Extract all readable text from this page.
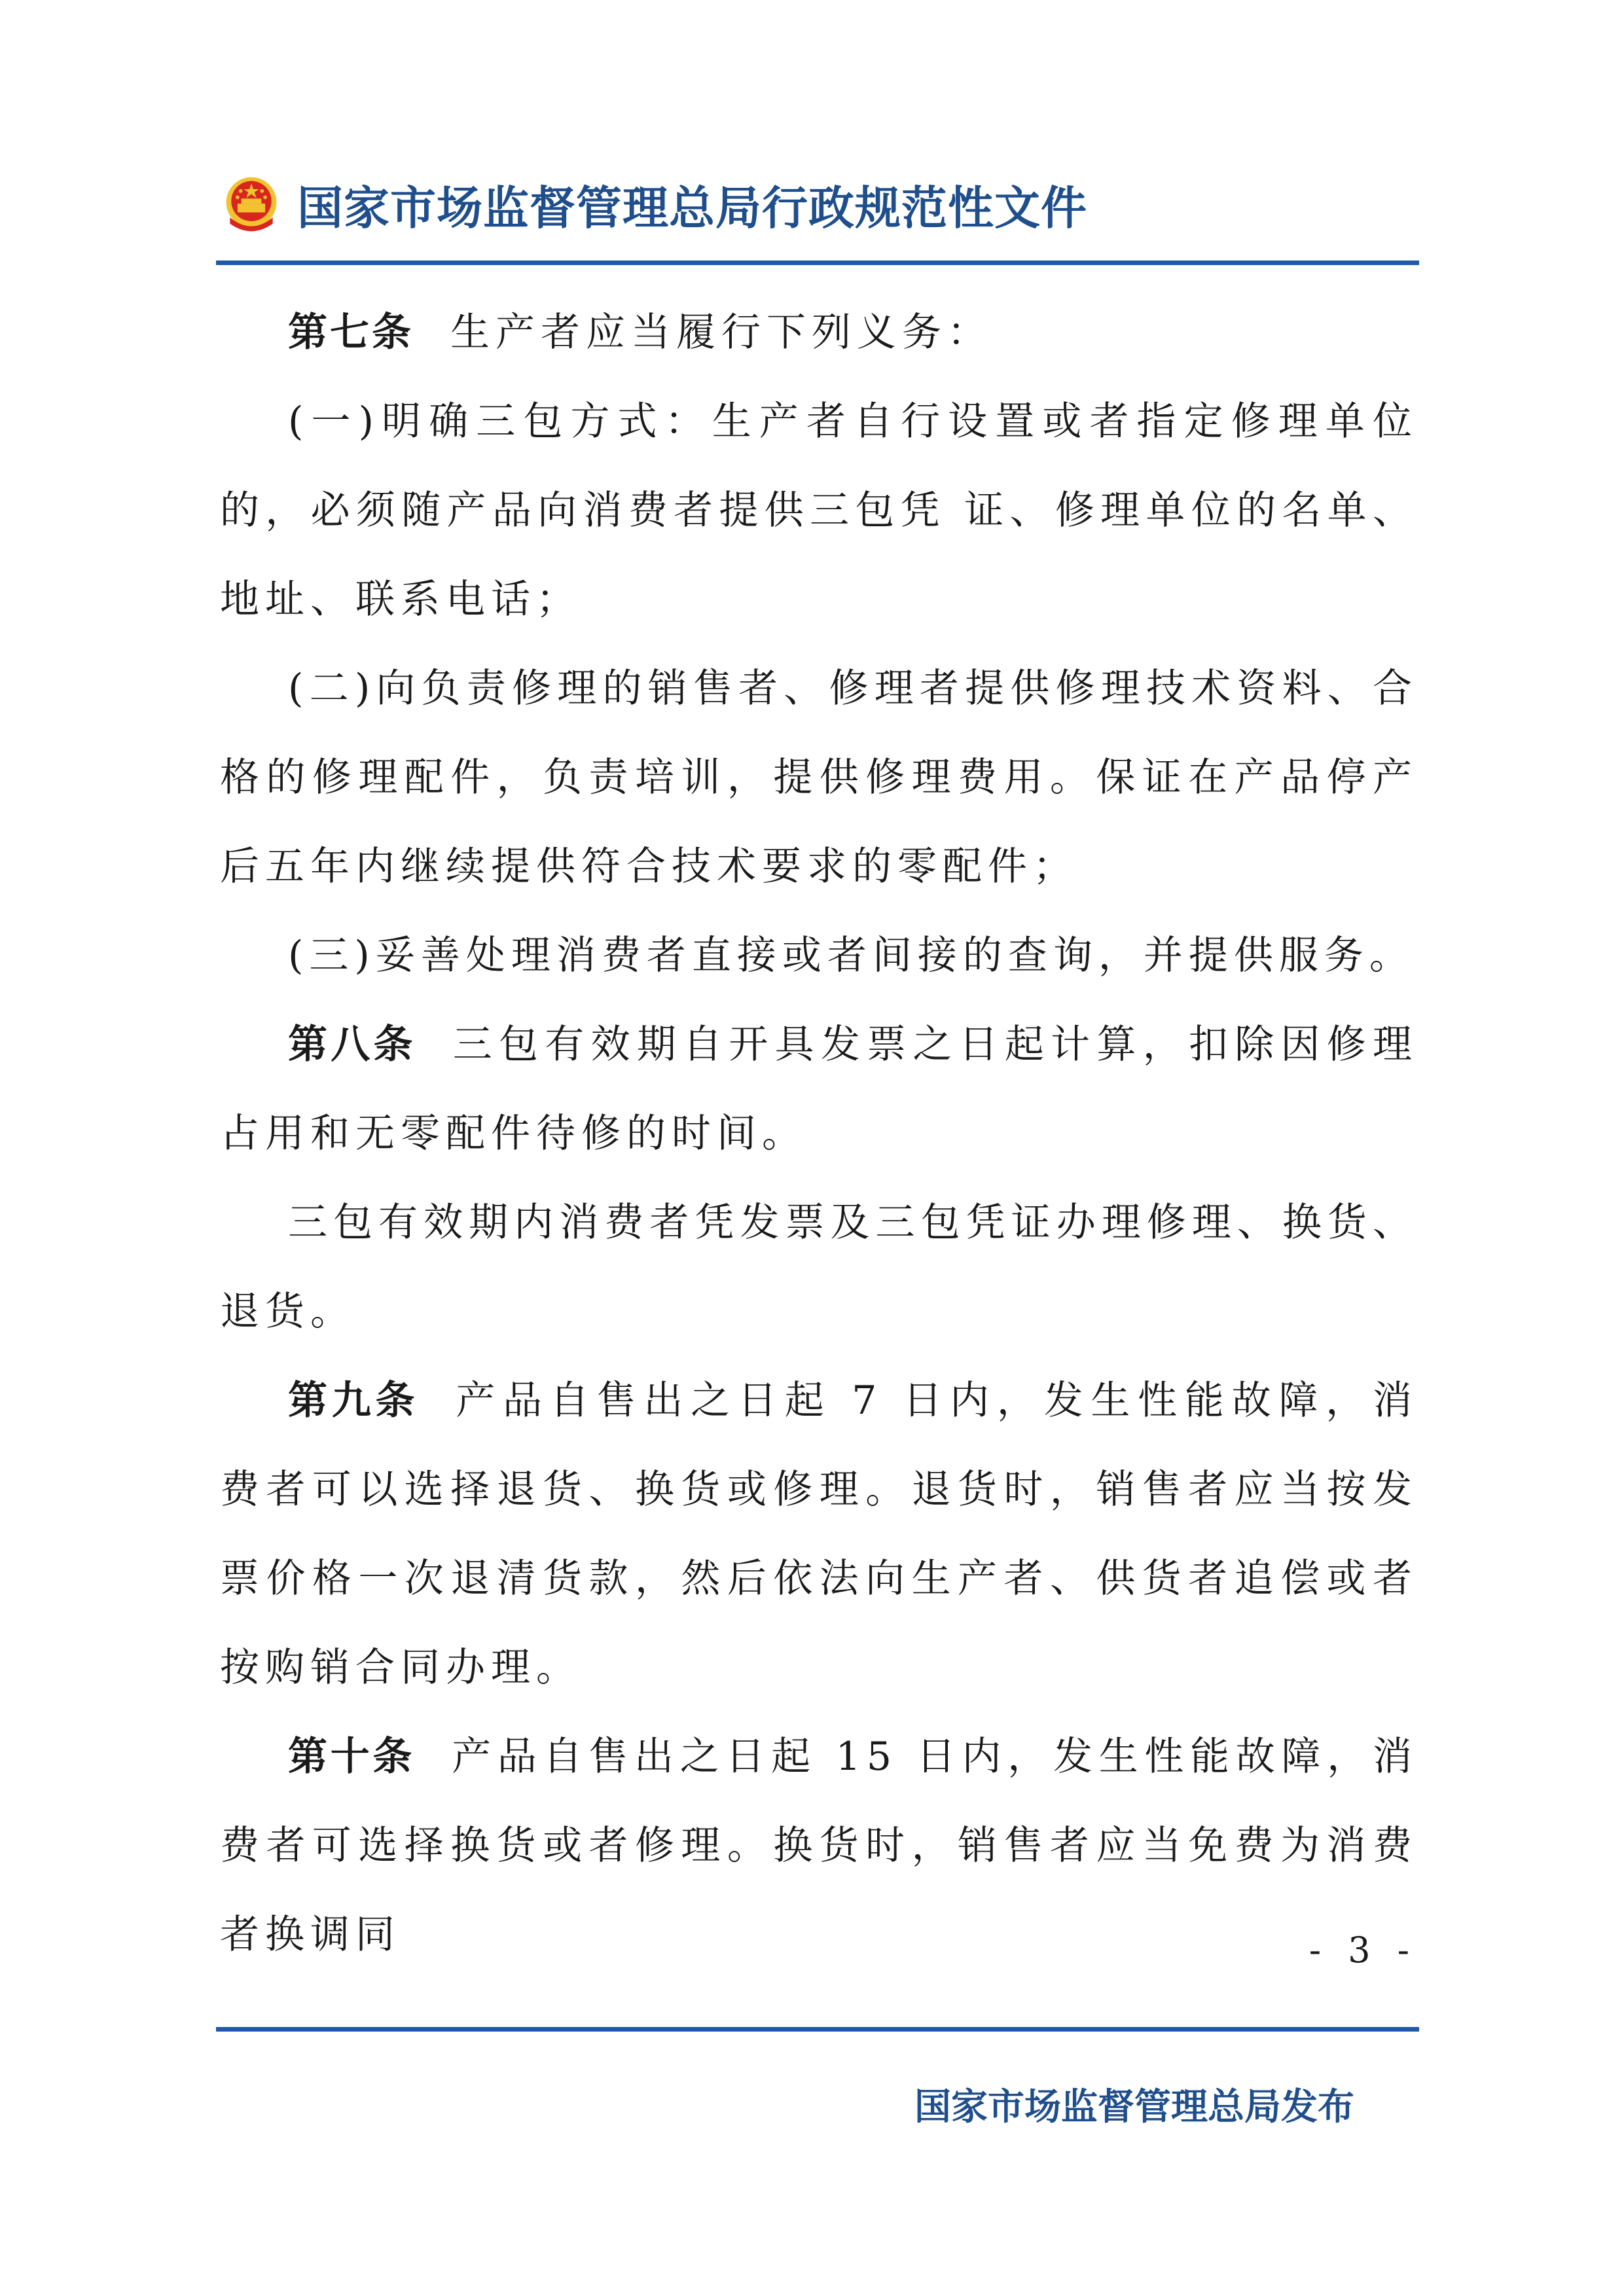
国家市场监督管理总局行政规范性文件

第七条 生产者应当履行下列义务：

(一)明确三包方式：生产者自行设置或者指定修理单位的，必须随产品向消费者提供三包凭 证、修理单位的名单、地址、联系电话；

(二)向负责修理的销售者、修理者提供修理技术资料、合格的修理配件，负责培训，提供修理费用。保证在产品停产后五年内继续提供符合技术要求的零配件；

(三)妥善处理消费者直接或者间接的查询，并提供服务。

第八条 三包有效期自开具发票之日起计算，扣除因修理占用和无零配件待修的时间。

三包有效期内消费者凭发票及三包凭证办理修理、换货、退货。

第九条 产品自售出之日起 7 日内，发生性能故障，消费者可以选择退货、换货或修理。退货时，销售者应当按发票价格一次退清货款，然后依法向生产者、供货者追偿或者按购销合同办理。

第十条 产品自售出之日起 15 日内，发生性能故障，消费者可选择换货或者修理。换货时，销售者应当免费为消费者换调同	- 3 -
国家市场监督管理总局发布
